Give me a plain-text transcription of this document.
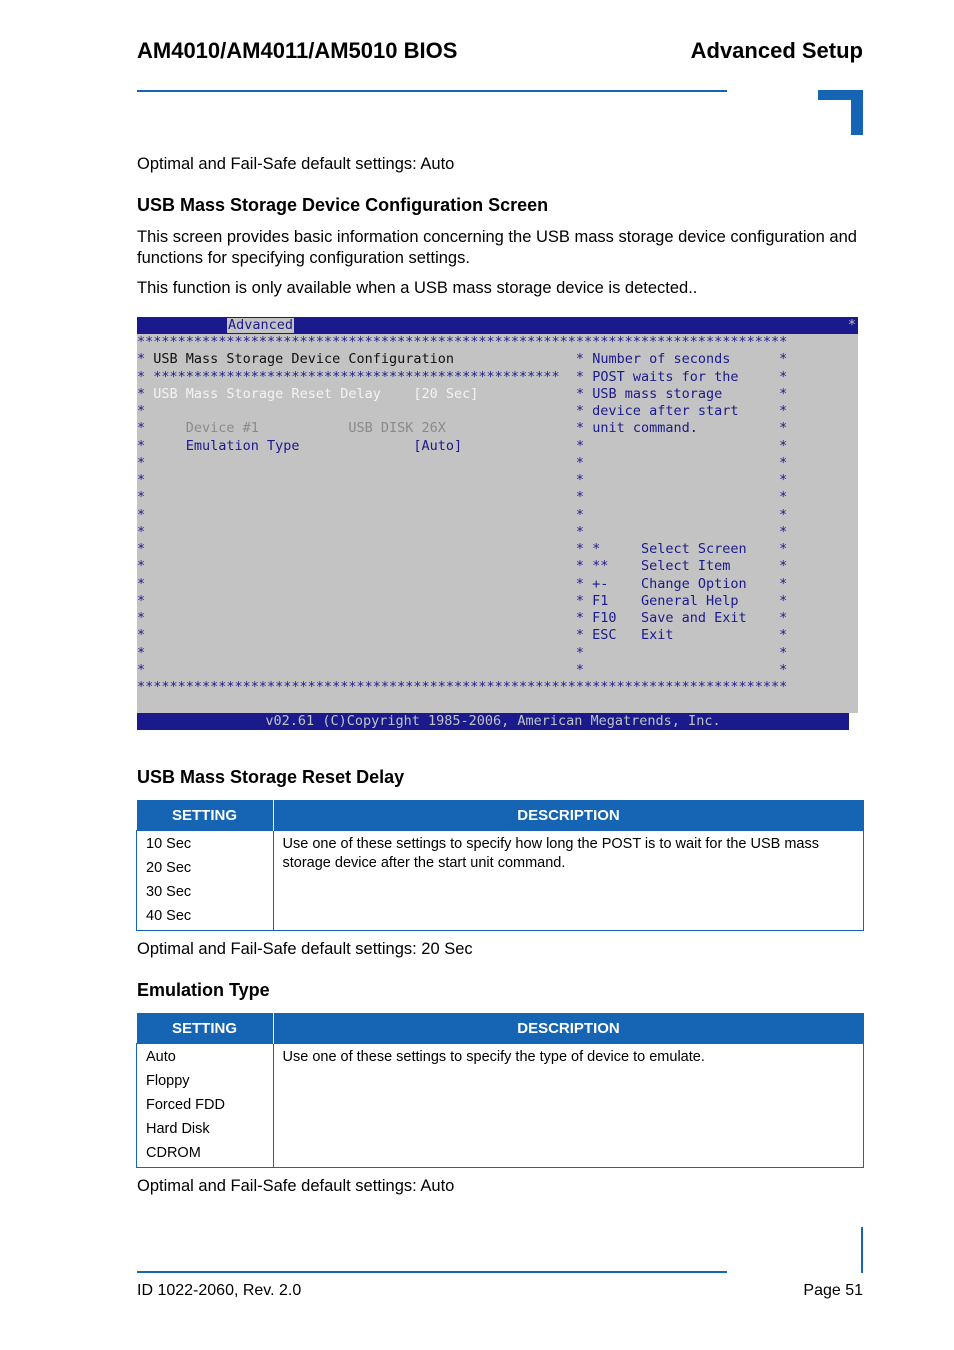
AM4010/AM4011/AM5010 BIOS	Advanced Setup
Optimal and Fail-Safe default settings: Auto
USB Mass Storage Device Configuration Screen
This screen provides basic information concerning the USB mass storage device configuration and functions for specifying configuration settings.
This function is only available when a USB mass storage device is detected..
Advanced	*
********************************************************************************
* USB Mass Storage Device Configuration	* Number of seconds	*
* ************************************************** * POST waits for the	*
* USB Mass Storage Reset Delay [20 Sec]	* USB mass storage	*
*	* device after start	*
*     Device #1           USB DISK 26X	* unit command.	*
*     Emulation Type              [Auto]	*	*
*	*	*
*	*	*
*	*	*
*	*	*
*	*	*
*	* *     Select Screen *
*	* **    Select Item	*
*	* +-    Change Option *
*	* F1    General Help	*
*	* F10   Save and Exit *
*	* ESC   Exit	*
*	*	*
*	*	*
********************************************************************************
v02.61 (C)Copyright 1985-2006, American Megatrends, Inc.
USB Mass Storage Reset Delay
SETTING	DESCRIPTION

10 Sec
20 Sec
30 Sec
40 Sec	Use one of these settings to specify how long the POST is to wait for the USB mass storage device after the start unit command.
Optimal and Fail-Safe default settings: 20 Sec
Emulation Type
SETTING	DESCRIPTION

Auto
Floppy
Forced FDD
Hard Disk
CDROM	Use one of these settings to specify the type of device to emulate.
Optimal and Fail-Safe default settings: Auto
ID 1022-2060, Rev. 2.0	Page 51
